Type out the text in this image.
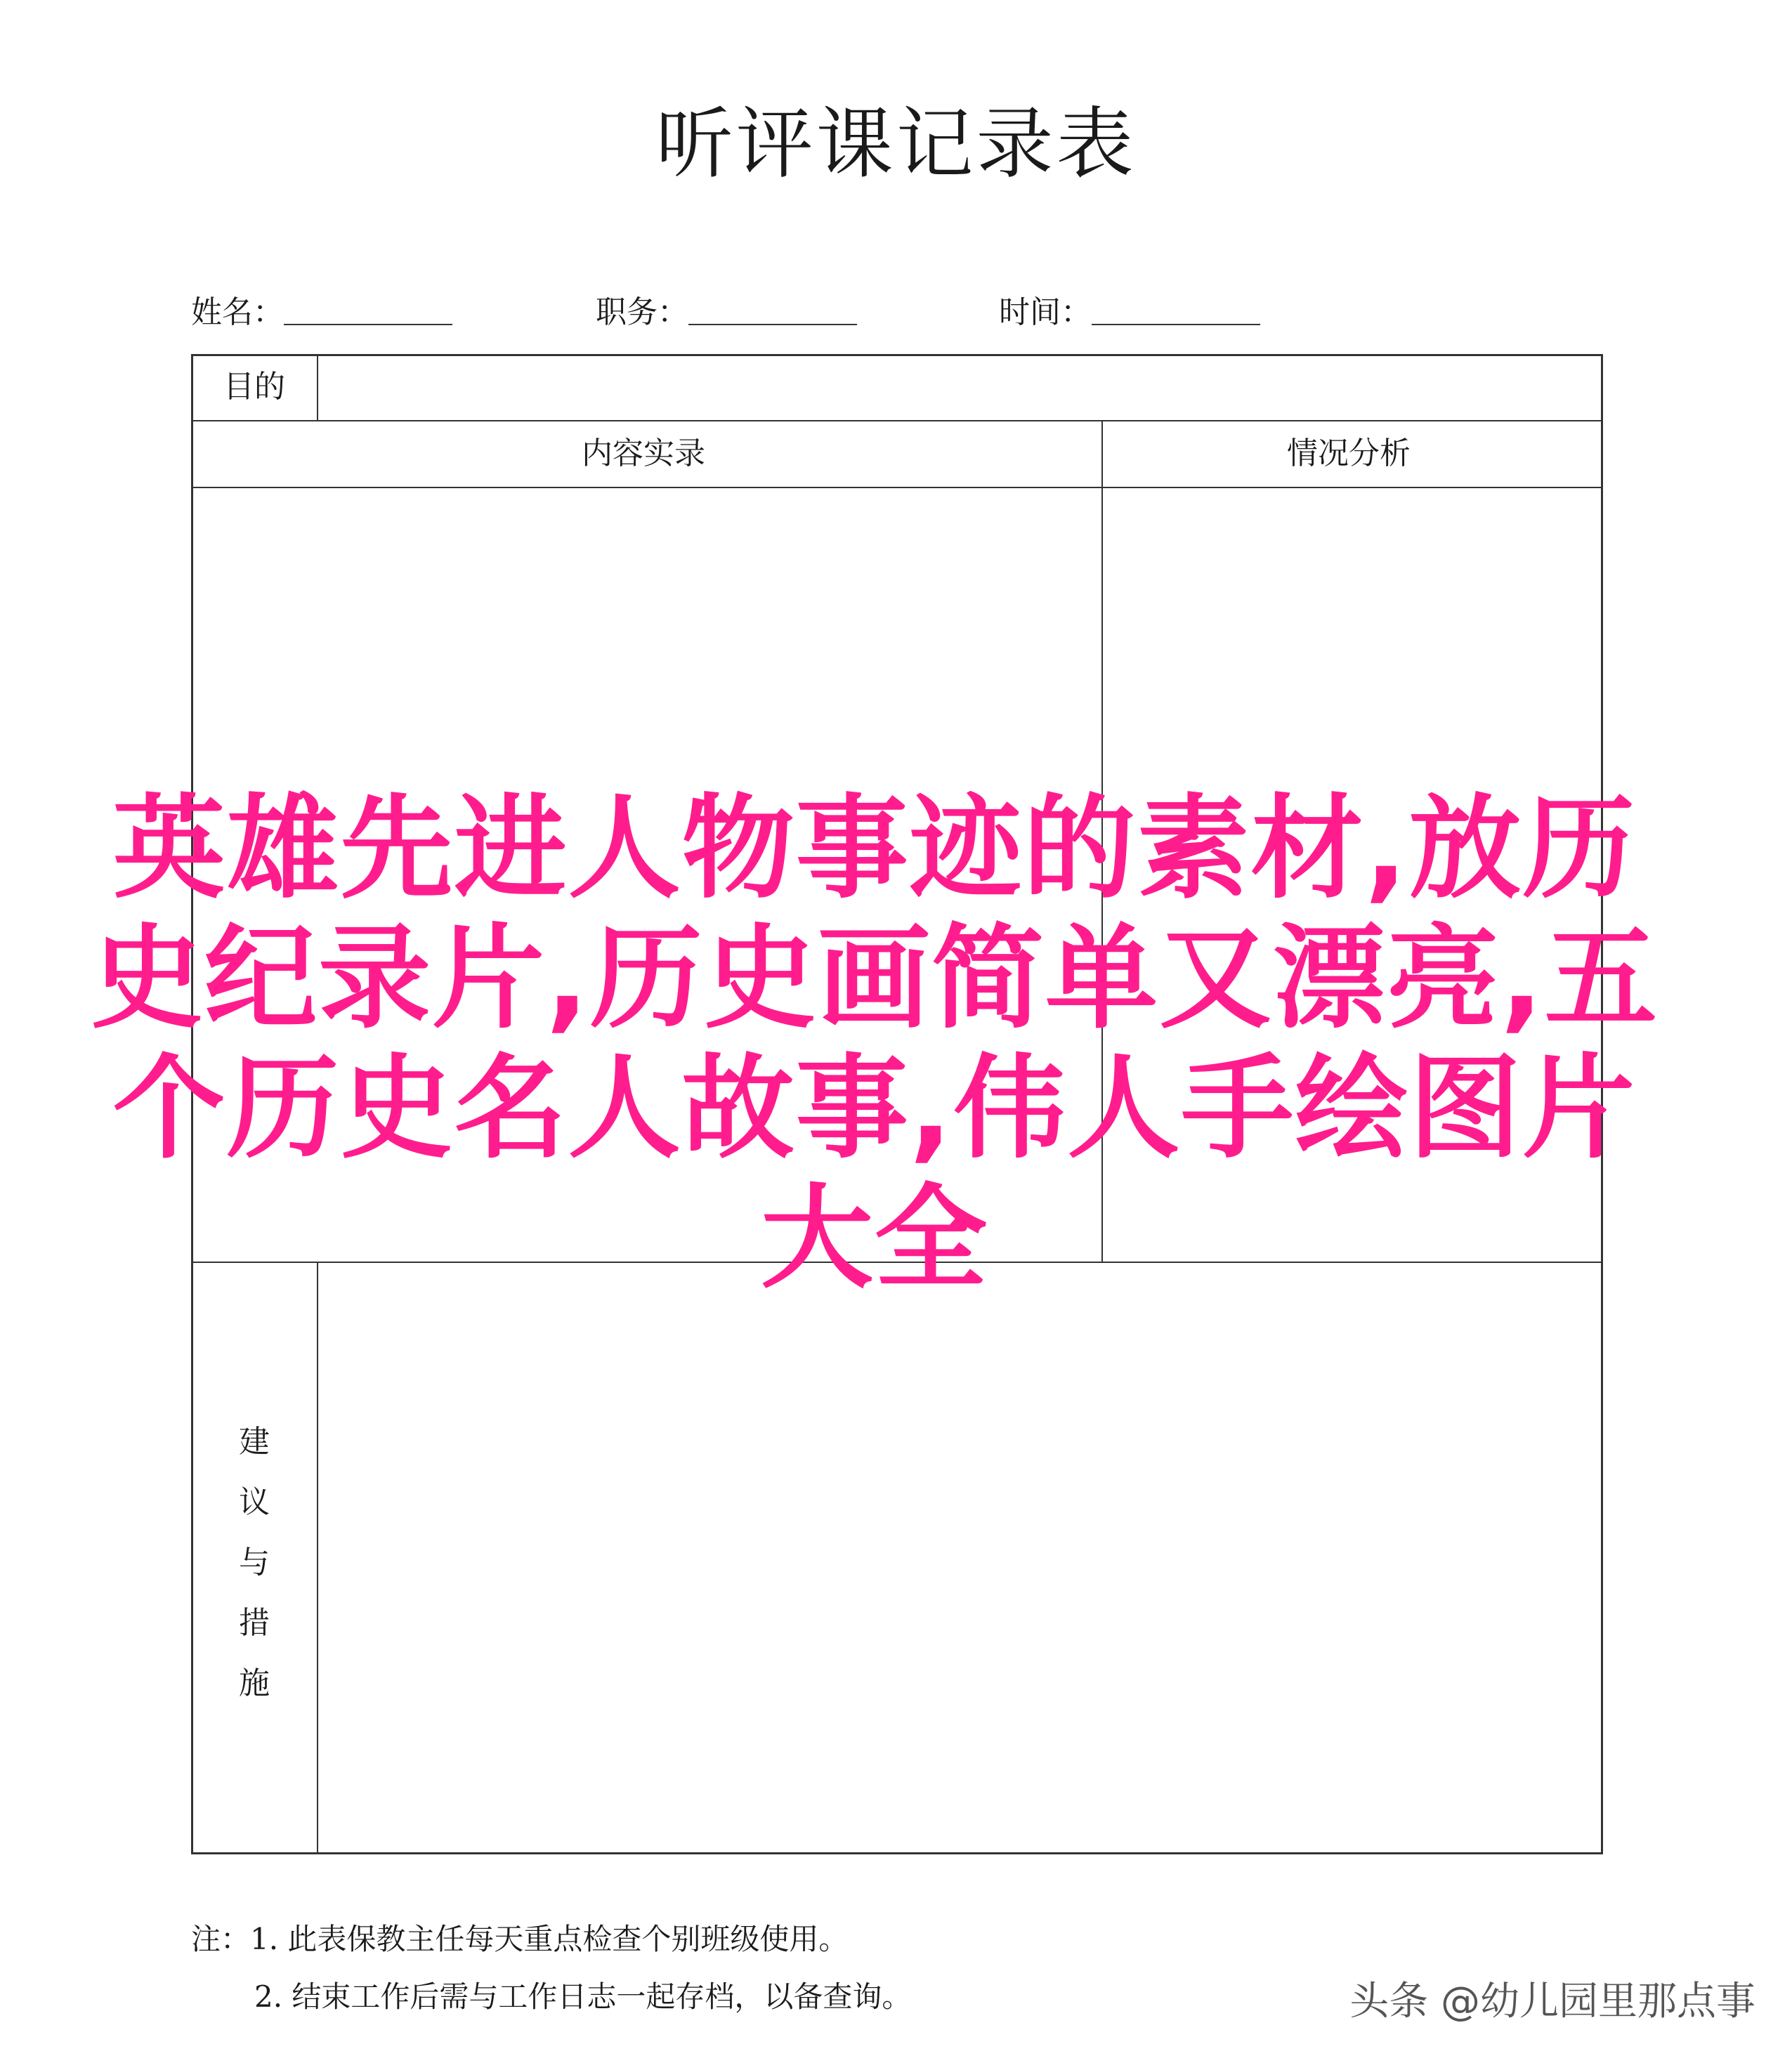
听评课记录表
姓名：	职务：	时间：
目的
内容实录	情况分析
建
议
与
措
施
英雄先进人物事迹的素材,放历史纪录片,历史画简单又漂亮,五个历史名人故事,伟人手绘图片大全
注：1. 此表保教主任每天重点检查个别班级使用。
2. 结束工作后需与工作日志一起存档，以备查询。	头条 @幼儿园里那点事
